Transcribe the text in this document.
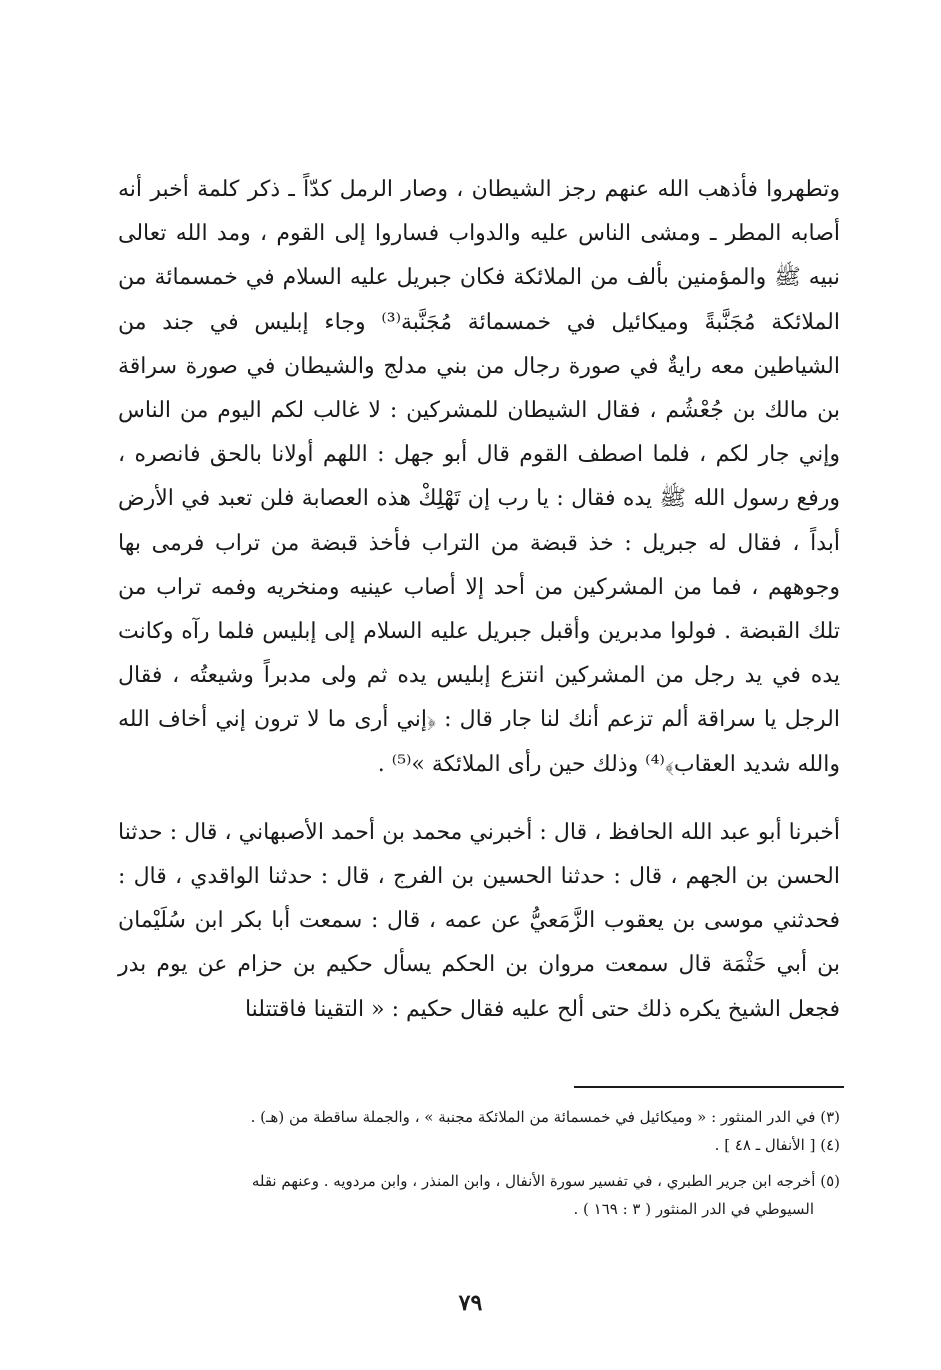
وتطهروا فأذهب الله عنهم رجز الشيطان ، وصار الرمل كدّاً ـ ذكر كلمة أخبر أنه أصابه المطر ـ ومشى الناس عليه والدواب فساروا إلى القوم ، ومد الله تعالى نبيه ﷺ والمؤمنين بألف من الملائكة فكان جبريل عليه السلام في خمسمائة من الملائكة مُجَنَّبةً وميكائيل في خمسمائة مُجَنَّبة⁽³⁾ وجاء إبليس في جند من الشياطين معه رايةٌ في صورة رجال من بني مدلج والشيطان في صورة سراقة بن مالك بن جُعْشُم ، فقال الشيطان للمشركين : لا غالب لكم اليوم من الناس وإني جار لكم ، فلما اصطف القوم قال أبو جهل : اللهم أولانا بالحق فانصره ، ورفع رسول الله ﷺ يده فقال : يا رب إن تَهْلِكْ هذه العصابة فلن تعبد في الأرض أبداً ، فقال له جبريل : خذ قبضة من التراب فأخذ قبضة من تراب فرمى بها وجوههم ، فما من المشركين من أحد إلا أصاب عينيه ومنخريه وفمه تراب من تلك القبضة . فولوا مدبرين وأقبل جبريل عليه السلام إلى إبليس فلما رآه وكانت يده في يد رجل من المشركين انتزع إبليس يده ثم ولى مدبراً وشيعتُه ، فقال الرجل يا سراقة ألم تزعم أنك لنا جار قال : ﴿إني أرى ما لا ترون إني أخاف الله والله شديد العقاب﴾⁽⁴⁾ وذلك حين رأى الملائكة »⁽⁵⁾ .

أخبرنا أبو عبد الله الحافظ ، قال : أخبرني محمد بن أحمد الأصبهاني ، قال : حدثنا الحسن بن الجهم ، قال : حدثنا الحسين بن الفرج ، قال : حدثنا الواقدي ، قال : فحدثني موسى بن يعقوب الزَّمَعيُّ عن عمه ، قال : سمعت أبا بكر ابن سُلَيْمان بن أبي حَثْمَة قال سمعت مروان بن الحكم يسأل حكيم بن حزام عن يوم بدر فجعل الشيخ يكره ذلك حتى ألح عليه فقال حكيم : « التقينا فاقتتلنا

(٣) في الدر المنثور : « وميكائيل في خمسمائة من الملائكة مجنبة » ، والجملة ساقطة من (هـ) .

(٤) [ الأنفال ـ ٤٨ ] .

(٥) أخرجه ابن جرير الطبري ، في تفسير سورة الأنفال ، وابن المنذر ، وابن مردويه . وعنهم نقله
السيوطي في الدر المنثور ( ٣ : ١٦٩ ) .

٧٩
